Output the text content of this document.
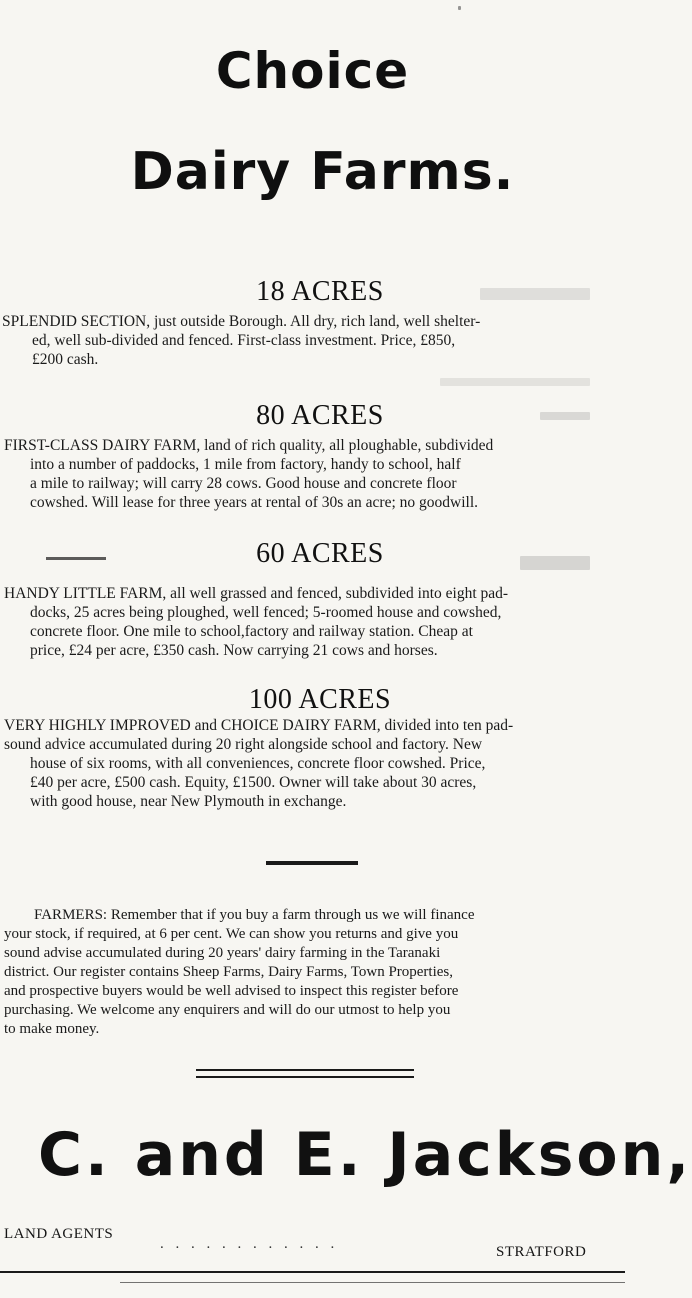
Choice
Dairy Farms.
18 ACRES
SPLENDID SECTION, just outside Borough. All dry, rich land, well shelter-
ed, well sub-divided and fenced. First-class investment. Price, £850,
£200 cash.
80 ACRES
FIRST-CLASS DAIRY FARM, land of rich quality, all ploughable, subdivided
into a number of paddocks, 1 mile from factory, handy to school, half
a mile to railway; will carry 28 cows. Good house and concrete floor
cowshed. Will lease for three years at rental of 30s an acre; no goodwill.
60 ACRES
HANDY LITTLE FARM, all well grassed and fenced, subdivided into eight pad-
docks, 25 acres being ploughed, well fenced; 5-roomed house and cowshed,
concrete floor. One mile to school,factory and railway station. Cheap at
price, £24 per acre, £350 cash. Now carrying 21 cows and horses.
100 ACRES
VERY HIGHLY IMPROVED and CHOICE DAIRY FARM, divided into ten pad-
sound advice accumulated during 20 right alongside school and factory. New
house of six rooms, with all conveniences, concrete floor cowshed. Price,
£40 per acre, £500 cash. Equity, £1500. Owner will take about 30 acres,
with good house, near New Plymouth in exchange.
FARMERS: Remember that if you buy a farm through us we will finance
your stock, if required, at 6 per cent. We can show you returns and give you
sound advise accumulated during 20 years' dairy farming in the Taranaki
district. Our register contains Sheep Farms, Dairy Farms, Town Properties,
and prospective buyers would be well advised to inspect this register before
purchasing. We welcome any enquirers and will do our utmost to help you
to make money.
C. and E. Jackson,
LAND AGENTS
. . . . . . . . . . . .	STRATFORD
